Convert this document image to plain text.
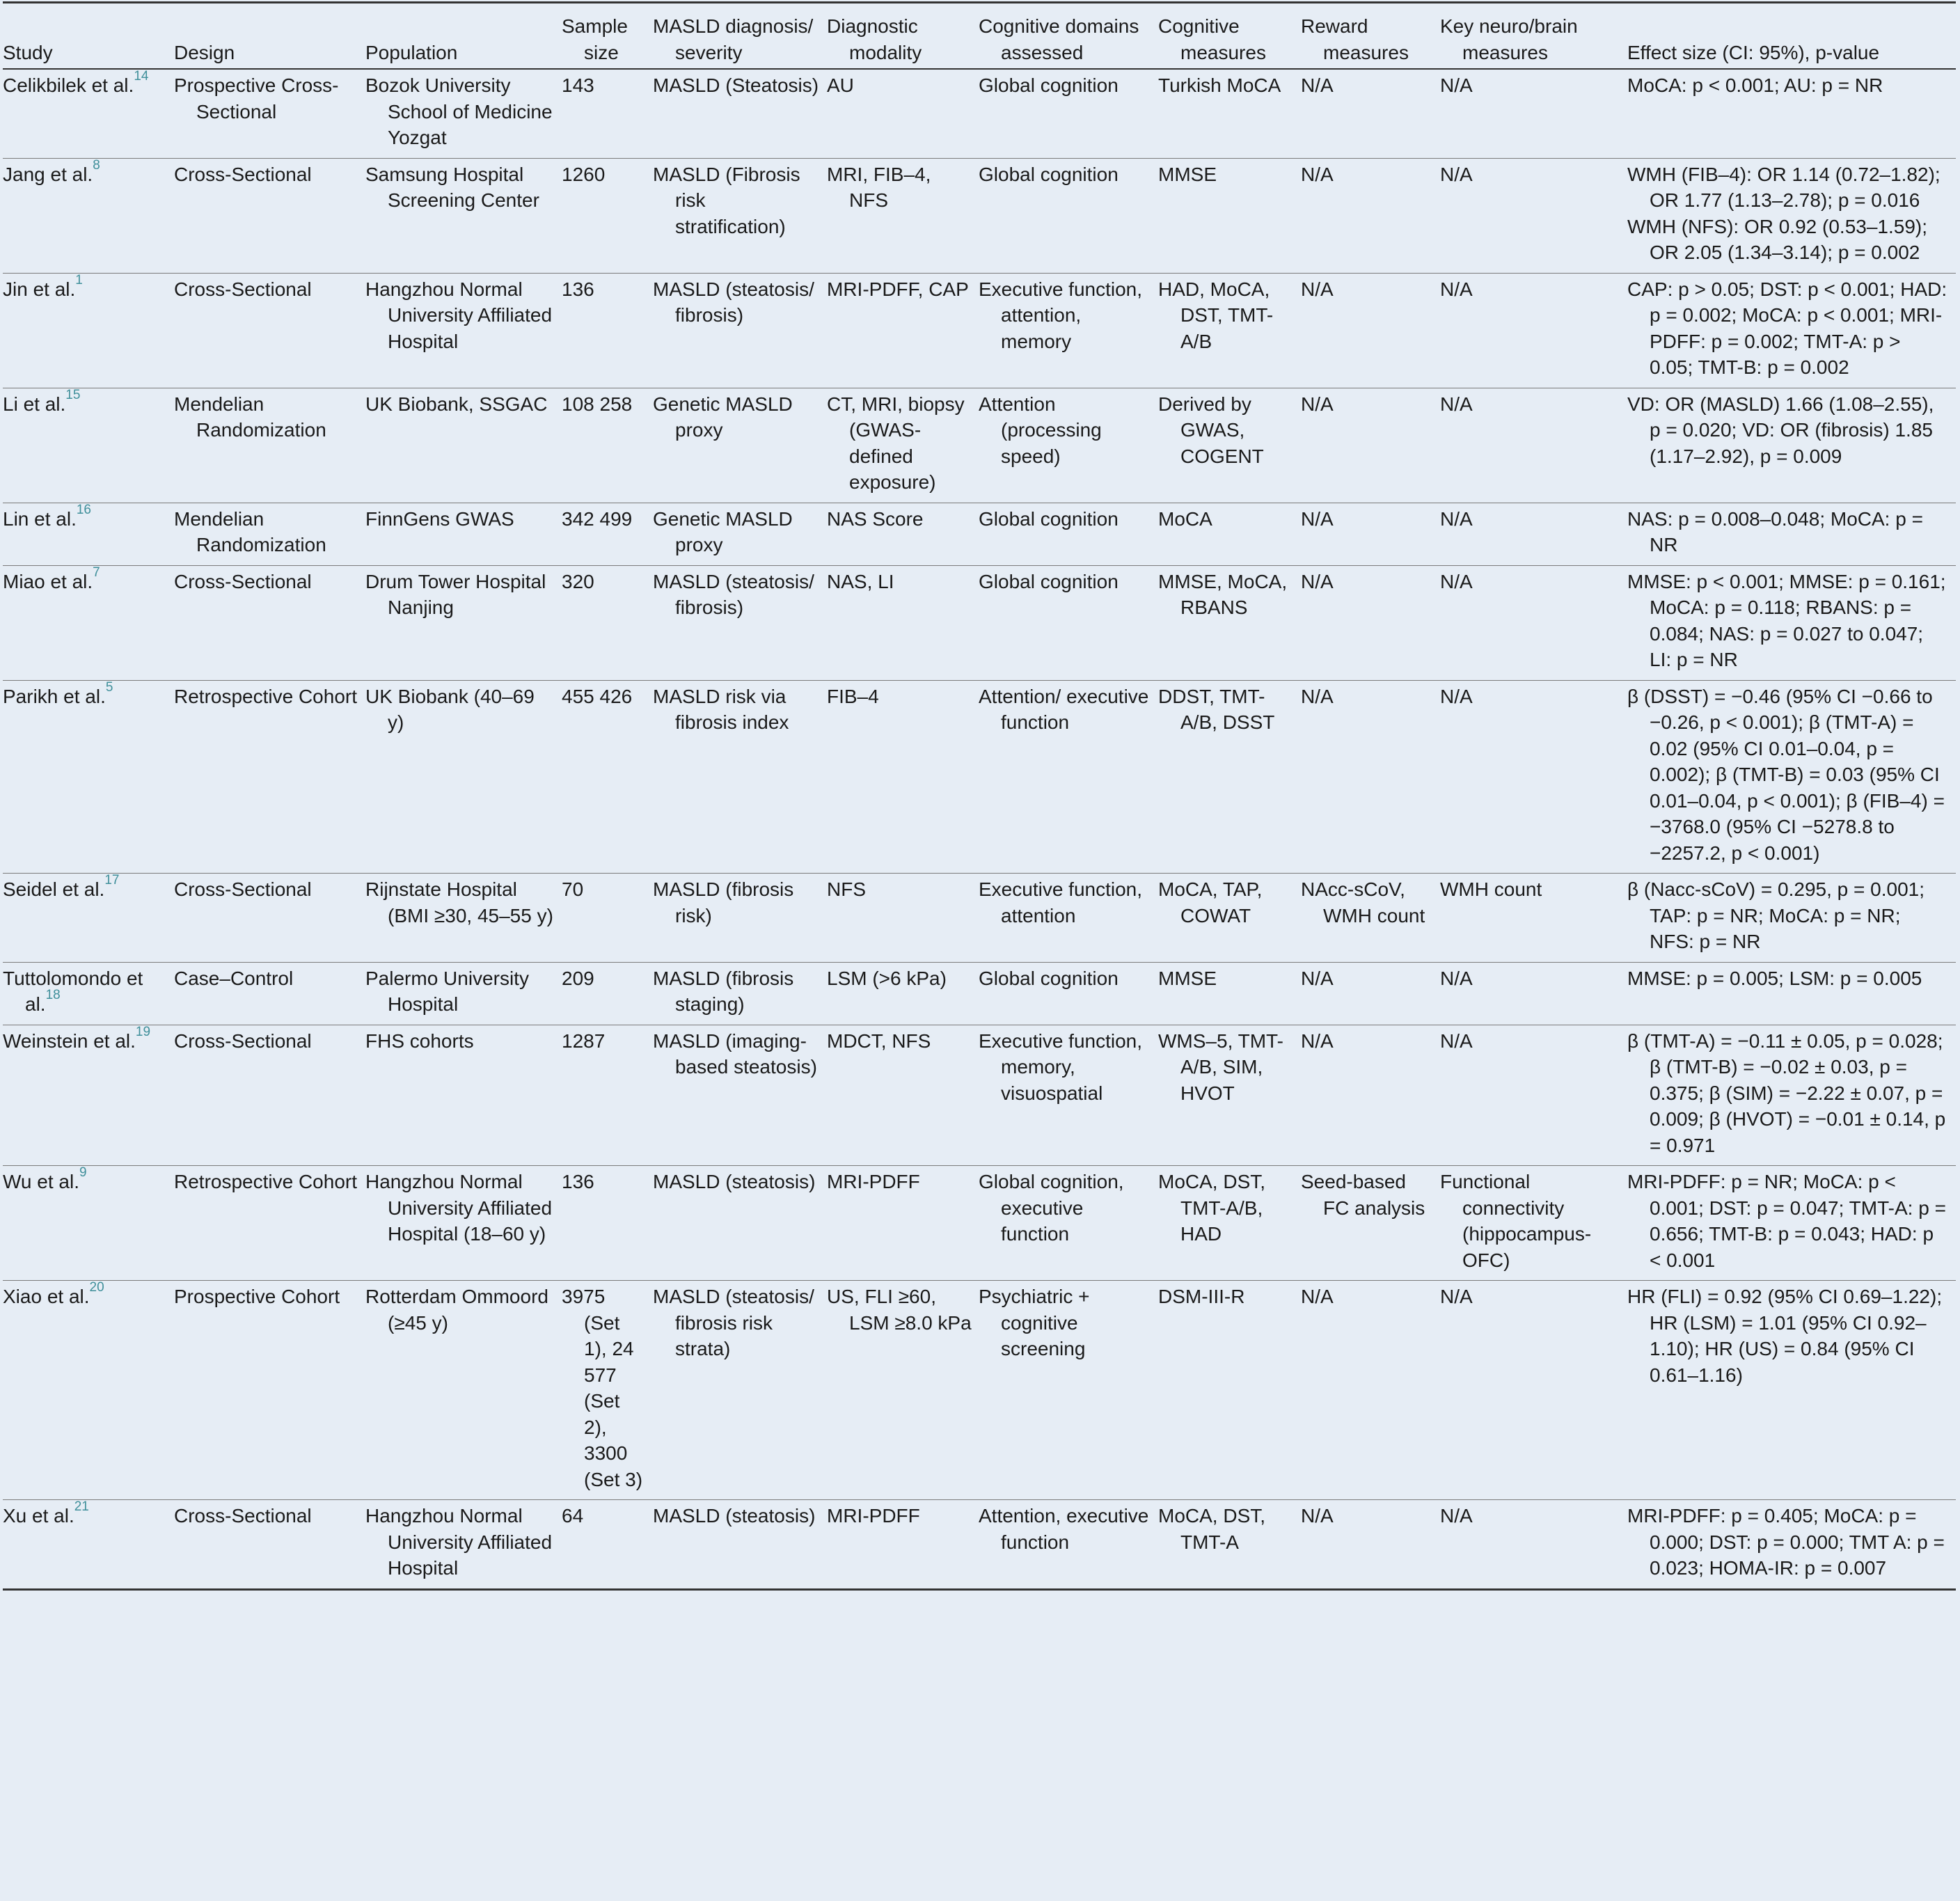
Study	Design	Population	Sample size	MASLD diagnosis/ severity	Diagnostic modality	Cognitive domains assessed	Cognitive measures	Reward measures	Key neuro/brain measures	Effect size (CI: 95%), p-value

Celikbilek et al.$^{14}$	Prospective Cross-Sectional	Bozok University School of Medicine Yozgat	143	MASLD (Steatosis)	AU	Global cognition	Turkish MoCA	N/A	N/A	MoCA: p < 0.001; AU: p = NR

Jang et al.$^8$	Cross-Sectional	Samsung Hospital Screening Center	1260	MASLD (Fibrosis risk stratification)	MRI, FIB–4, NFS	Global cognition	MMSE	N/A	N/A	WMH (FIB–4): OR 1.14 (0.72–1.82); OR 1.77 (1.13–2.78); p = 0.016
WMH (NFS): OR 0.92 (0.53–1.59); OR 2.05 (1.34–3.14); p = 0.002

Jin et al.$^1$	Cross-Sectional	Hangzhou Normal University Affiliated Hospital	136	MASLD (steatosis/ fibrosis)	MRI-PDFF, CAP	Executive function, attention, memory	HAD, MoCA, DST, TMT-A/B	N/A	N/A	CAP: p > 0.05; DST: p < 0.001; HAD: p = 0.002; MoCA: p < 0.001; MRI-PDFF: p = 0.002; TMT-A: p > 0.05; TMT-B: p = 0.002

Li et al.$^{15}$	Mendelian Randomization	UK Biobank, SSGAC	108 258	Genetic MASLD proxy	CT, MRI, biopsy (GWAS-defined exposure)	Attention (processing speed)	Derived by GWAS, COGENT	N/A	N/A	VD: OR (MASLD) 1.66 (1.08–2.55), p = 0.020; VD: OR (fibrosis) 1.85 (1.17–2.92), p = 0.009

Lin et al.$^{16}$	Mendelian Randomization	FinnGens GWAS	342 499	Genetic MASLD proxy	NAS Score	Global cognition	MoCA	N/A	N/A	NAS: p = 0.008–0.048; MoCA: p = NR

Miao et al.$^7$	Cross-Sectional	Drum Tower Hospital Nanjing	320	MASLD (steatosis/ fibrosis)	NAS, LI	Global cognition	MMSE, MoCA, RBANS	N/A	N/A	MMSE: p < 0.001; MMSE: p = 0.161; MoCA: p = 0.118; RBANS: p = 0.084; NAS: p = 0.027 to 0.047; LI: p = NR

Parikh et al.$^5$	Retrospective Cohort	UK Biobank (40–69 y)	455 426	MASLD risk via fibrosis index	FIB–4	Attention/ executive function	DDST, TMT-A/B, DSST	N/A	N/A	β (DSST) = −0.46 (95% CI −0.66 to −0.26, p < 0.001); β (TMT-A) = 0.02 (95% CI 0.01–0.04, p = 0.002); β (TMT-B) = 0.03 (95% CI 0.01–0.04, p < 0.001); β (FIB–4) = −3768.0 (95% CI −5278.8 to −2257.2, p < 0.001)

Seidel et al.$^{17}$	Cross-Sectional	Rijnstate Hospital (BMI ≥30, 45–55 y)	70	MASLD (fibrosis risk)	NFS	Executive function, attention	MoCA, TAP, COWAT	NAcc-sCoV, WMH count	WMH count	β (Nacc-sCoV) = 0.295, p = 0.001; TAP: p = NR; MoCA: p = NR; NFS: p = NR

Tuttolomondo et al.$^{18}$	Case–Control	Palermo University Hospital	209	MASLD (fibrosis staging)	LSM (>6 kPa)	Global cognition	MMSE	N/A	N/A	MMSE: p = 0.005; LSM: p = 0.005

Weinstein et al.$^{19}$	Cross-Sectional	FHS cohorts	1287	MASLD (imaging-based steatosis)	MDCT, NFS	Executive function, memory, visuospatial	WMS–5, TMT-A/B, SIM, HVOT	N/A	N/A	β (TMT-A) = −0.11 ± 0.05, p = 0.028; β (TMT-B) = −0.02 ± 0.03, p = 0.375; β (SIM) = −2.22 ± 0.07, p = 0.009; β (HVOT) = −0.01 ± 0.14, p = 0.971

Wu et al.$^9$	Retrospective Cohort	Hangzhou Normal University Affiliated Hospital (18–60 y)	136	MASLD (steatosis)	MRI-PDFF	Global cognition, executive function	MoCA, DST, TMT-A/B, HAD	Seed-based FC analysis	Functional connectivity (hippocampus-OFC)	MRI-PDFF: p = NR; MoCA: p < 0.001; DST: p = 0.047; TMT-A: p = 0.656; TMT-B: p = 0.043; HAD: p < 0.001

Xiao et al.$^{20}$	Prospective Cohort	Rotterdam Ommoord (≥45 y)	3975 (Set 1), 24 577 (Set 2), 3300 (Set 3)	MASLD (steatosis/ fibrosis risk strata)	US, FLI ≥60, LSM ≥8.0 kPa	Psychiatric + cognitive screening	DSM-III-R	N/A	N/A	HR (FLI) = 0.92 (95% CI 0.69–1.22); HR (LSM) = 1.01 (95% CI 0.92–1.10); HR (US) = 0.84 (95% CI 0.61–1.16)

Xu et al.$^{21}$	Cross-Sectional	Hangzhou Normal University Affiliated Hospital	64	MASLD (steatosis)	MRI-PDFF	Attention, executive function	MoCA, DST, TMT-A	N/A	N/A	MRI-PDFF: p = 0.405; MoCA: p = 0.000; DST: p = 0.000; TMT A: p = 0.023; HOMA-IR: p = 0.007
